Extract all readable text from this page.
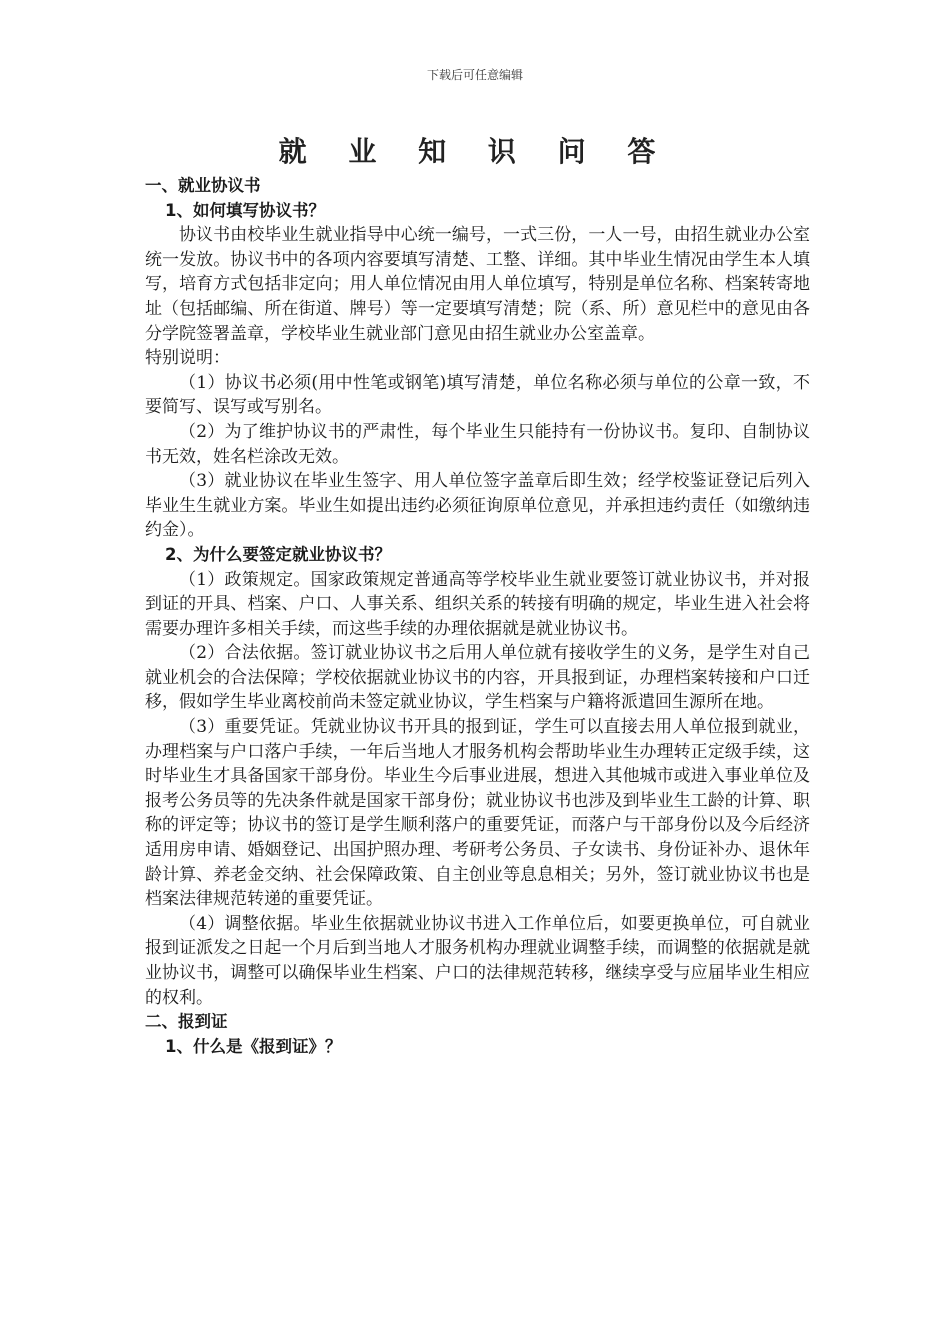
下载后可任意编辑
就 业 知 识 问 答

一、就业协议书

1、如何填写协议书？

协议书由校毕业生就业指导中心统一编号，一式三份，一人一号，由招生就业办公室统一发放。协议书中的各项内容要填写清楚、工整、详细。其中毕业生情况由学生本人填写，培育方式包括非定向；用人单位情况由用人单位填写，特别是单位名称、档案转寄地址（包括邮编、所在街道、牌号）等一定要填写清楚；院（系、所）意见栏中的意见由各分学院签署盖章，学校毕业生就业部门意见由招生就业办公室盖章。

特别说明：

（1）协议书必须(用中性笔或钢笔)填写清楚，单位名称必须与单位的公章一致，不要简写、误写或写别名。

（2）为了维护协议书的严肃性，每个毕业生只能持有一份协议书。复印、自制协议书无效，姓名栏涂改无效。

（3）就业协议在毕业生签字、用人单位签字盖章后即生效；经学校鉴证登记后列入毕业生生就业方案。毕业生如提出违约必须征询原单位意见，并承担违约责任（如缴纳违约金）。

2、为什么要签定就业协议书？

（1）政策规定。国家政策规定普通高等学校毕业生就业要签订就业协议书，并对报到证的开具、档案、户口、人事关系、组织关系的转接有明确的规定，毕业生进入社会将需要办理许多相关手续，而这些手续的办理依据就是就业协议书。

（2）合法依据。签订就业协议书之后用人单位就有接收学生的义务，是学生对自己就业机会的合法保障；学校依据就业协议书的内容，开具报到证，办理档案转接和户口迁移，假如学生毕业离校前尚未签定就业协议，学生档案与户籍将派遣回生源所在地。

（3）重要凭证。凭就业协议书开具的报到证，学生可以直接去用人单位报到就业，办理档案与户口落户手续，一年后当地人才服务机构会帮助毕业生办理转正定级手续，这时毕业生才具备国家干部身份。毕业生今后事业进展，想进入其他城市或进入事业单位及报考公务员等的先决条件就是国家干部身份；就业协议书也涉及到毕业生工龄的计算、职称的评定等；协议书的签订是学生顺利落户的重要凭证，而落户与干部身份以及今后经济适用房申请、婚姻登记、出国护照办理、考研考公务员、子女读书、身份证补办、退休年龄计算、养老金交纳、社会保障政策、自主创业等息息相关；另外，签订就业协议书也是档案法律规范转递的重要凭证。

（4）调整依据。毕业生依据就业协议书进入工作单位后，如要更换单位，可自就业报到证派发之日起一个月后到当地人才服务机构办理就业调整手续，而调整的依据就是就业协议书，调整可以确保毕业生档案、户口的法律规范转移，继续享受与应届毕业生相应的权利。

二、报到证

1、什么是《报到证》？
